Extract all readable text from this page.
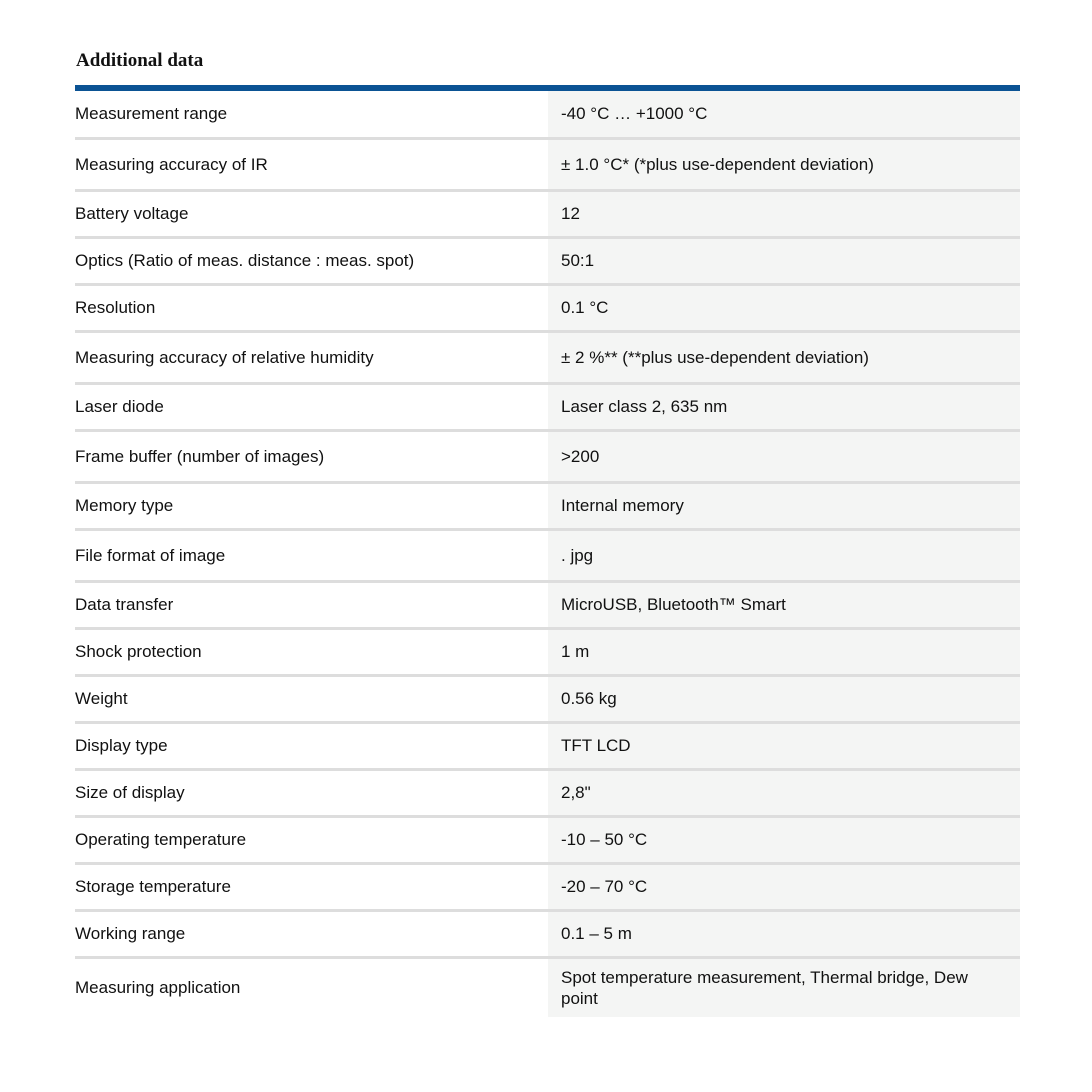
Additional data
Measurement range	-40 °C … +1000 °C
Measuring accuracy of IR	± 1.0 °C* (*plus use-dependent deviation)
Battery voltage	12
Optics (Ratio of meas. distance : meas. spot)	50:1
Resolution	0.1 °C
Measuring accuracy of relative humidity	± 2 %** (**plus use-dependent deviation)
Laser diode	Laser class 2, 635 nm
Frame buffer (number of images)	>200
Memory type	Internal memory
File format of image	. jpg
Data transfer	MicroUSB, Bluetooth™ Smart
Shock protection	1 m
Weight	0.56 kg
Display type	TFT LCD
Size of display	2,8"
Operating temperature	-10 – 50 °C
Storage temperature	-20 – 70 °C
Working range	0.1 – 5 m
Measuring application	Spot temperature measurement, Thermal bridge, Dew point
